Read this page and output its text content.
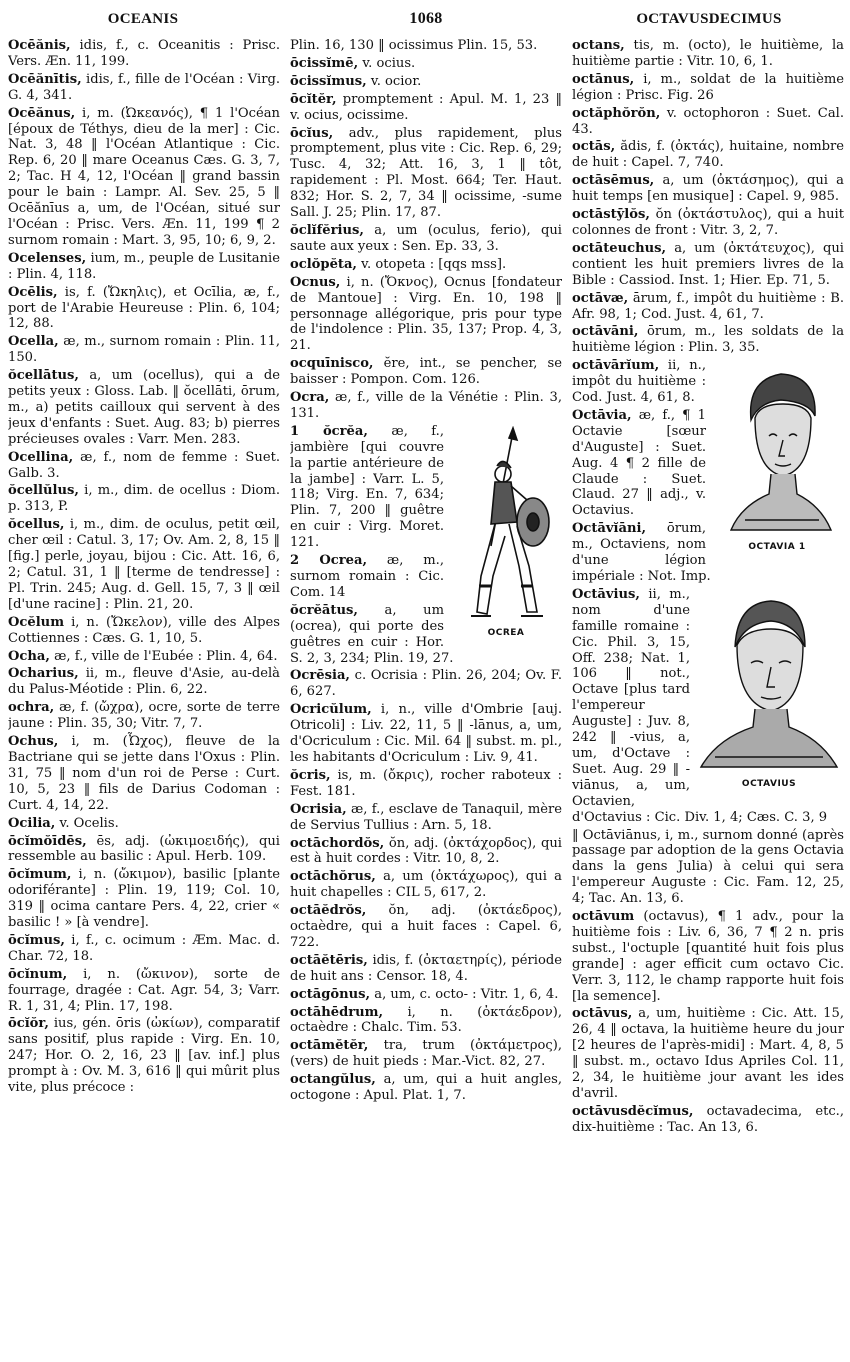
OCEANIS	1068	OCTAVUSDECIMUS

Ocēănis, idis, f., c. Oceanitis : Prisc. Vers. Æn. 11, 199.

Ocēănītis, idis, f., fille de l'Océan : Virg. G. 4, 341.

Ocēănus, i, m. (Ὠκεανός), ¶ 1 l'Océan [époux de Téthys, dieu de la mer] : Cic. Nat. 3, 48 ‖ l'Océan Atlantique : Cic. Rep. 6, 20 ‖ mare Oceanus Cæs. G. 3, 7, 2; Tac. H 4, 12, l'Océan ‖ grand bassin pour le bain : Lampr. Al. Sev. 25, 5 ‖ Ocēănīus a, um, de l'Océan, situé sur l'Océan : Prisc. Vers. Æn. 11, 199 ¶ 2 surnom romain : Mart. 3, 95, 10; 6, 9, 2.

Ocelenses, ium, m., peuple de Lusitanie : Plin. 4, 118.

Ocēlis, is, f. (Ὤκηλις), et Ocīlia, æ, f., port de l'Arabie Heureuse : Plin. 6, 104; 12, 88.

Ocella, æ, m., surnom romain : Plin. 11, 150.

ŏcellātus, a, um (ocellus), qui a de petits yeux : Gloss. Lab. ‖ ŏcellāti, ōrum, m., a) petits cailloux qui servent à des jeux d'enfants : Suet. Aug. 83; b) pierres précieuses ovales : Varr. Men. 283.

Ocellina, æ, f., nom de femme : Suet. Galb. 3.

ŏcellŭlus, i, m., dim. de ocellus : Diom. p. 313, P.

ŏcellus, i, m., dim. de oculus, petit œil, cher œil : Catul. 3, 17; Ov. Am. 2, 8, 15 ‖ [fig.] perle, joyau, bijou : Cic. Att. 16, 6, 2; Catul. 31, 1 ‖ [terme de tendresse] : Pl. Trin. 245; Aug. d. Gell. 15, 7, 3 ‖ œil [d'une racine] : Plin. 21, 20.

Ocĕlum i, n. (Ὤκελον), ville des Alpes Cottiennes : Cæs. G. 1, 10, 5.

Ocha, æ, f., ville de l'Eubée : Plin. 4, 64.

Ocharius, ii, m., fleuve d'Asie, au-delà du Palus-Méotide : Plin. 6, 22.

ochra, æ, f. (ὤχρα), ocre, sorte de terre jaune : Plin. 35, 30; Vitr. 7, 7.

Ochus, i, m. (Ὦχος), fleuve de la Bactriane qui se jette dans l'Oxus : Plin. 31, 75 ‖ nom d'un roi de Perse : Curt. 10, 5, 23 ‖ fils de Darius Codoman : Curt. 4, 14, 22.

Ocilia, v. Ocelis.

ōcĭmŏīdēs, ēs, adj. (ὠκιμοειδής), qui ressemble au basilic : Apul. Herb. 109.

ōcĭmum, i, n. (ὤκιμον), basilic [plante odoriférante] : Plin. 19, 119; Col. 10, 319 ‖ ocima cantare Pers. 4, 22, crier « basilic ! » [à vendre].

ōcĭmus, i, f., c. ocimum : Æm. Mac. d. Char. 72, 18.

ōcĭnum, i, n. (ὤκινον), sorte de fourrage, dragée : Cat. Agr. 54, 3; Varr. R. 1, 31, 4; Plin. 17, 198.

ōcĭŏr, ius, gén. ōris (ὠκίων), comparatif sans positif, plus rapide : Virg. En. 10, 247; Hor. O. 2, 16, 23 ‖ [av. inf.] plus prompt à : Ov. M. 3, 616 ‖ qui mûrit plus vite, plus précoce :

Plin. 16, 130 ‖ ocissimus Plin. 15, 53.

ōcissĭmē, v. ocius.

ōcissĭmus, v. ocior.

ōcĭtĕr, promptement : Apul. M. 1, 23 ‖ v. ocius, ocissime.

ōcĭus, adv., plus rapidement, plus promptement, plus vite : Cic. Rep. 6, 29; Tusc. 4, 32; Att. 16, 3, 1 ‖ tôt, rapidement : Pl. Most. 664; Ter. Haut. 832; Hor. S. 2, 7, 34 ‖ ocissime, -sume Sall. J. 25; Plin. 17, 87.

ŏclĭfĕrius, a, um (oculus, ferio), qui saute aux yeux : Sen. Ep. 33, 3.

oclŏpĕta, v. otopeta : [qqs mss].

Ocnus, i, n. (Ὄκνος), Ocnus [fondateur de Mantoue] : Virg. En. 10, 198 ‖ personnage allégorique, pris pour type de l'indolence : Plin. 35, 137; Prop. 4, 3, 21.

ocquīnisco, ĕre, int., se pencher, se baisser : Pompon. Com. 126.

Ocra, æ, f., ville de la Vénétie : Plin. 3, 131.

OCREA

1 ŏcrĕa, æ, f., jambière [qui couvre la partie antérieure de la jambe] : Varr. L. 5, 118; Virg. En. 7, 634; Plin. 7, 200 ‖ guêtre en cuir : Virg. Moret. 121.

2 Ocrea, æ, m., surnom romain : Cic. Com. 14

ŏcrĕātus, a, um (ocrea), qui porte des guêtres en cuir : Hor. S. 2, 3, 234; Plin. 19, 27.

Ocrēsia, c. Ocrisia : Plin. 26, 204; Ov. F. 6, 627.

Ocricŭlum, i, n., ville d'Ombrie [auj. Otricoli] : Liv. 22, 11, 5 ‖ -lānus, a, um, d'Ocriculum : Cic. Mil. 64 ‖ subst. m. pl., les habitants d'Ocriculum : Liv. 9, 41.

ŏcris, is, m. (ὄκρις), rocher raboteux : Fest. 181.

Ocrisia, æ, f., esclave de Tanaquil, mère de Servius Tullius : Arn. 5, 18.

octāchordŏs, ŏn, adj. (ὀκτάχορδος), qui est à huit cordes : Vitr. 10, 8, 2.

octāchŏrus, a, um (ὀκτάχωρος), qui a huit chapelles : CIL 5, 617, 2.

octāĕdrŏs, ŏn, adj. (ὀκτάεδρος), octaèdre, qui a huit faces : Capel. 6, 722.

octāĕtēris, idis, f. (ὀκταετηρίς), période de huit ans : Censor. 18, 4.

octāgōnus, a, um, c. octo- : Vitr. 1, 6, 4.

octāhēdrum, i, n. (ὀκτάεδρον), octaèdre : Chalc. Tim. 53.

octāmĕtĕr, tra, trum (ὀκτάμετρος), (vers) de huit pieds : Mar.-Vict. 82, 27.

octangŭlus, a, um, qui a huit angles, octogone : Apul. Plat. 1, 7.

octans, tis, m. (octo), le huitième, la huitième partie : Vitr. 10, 6, 1.

octānus, i, m., soldat de la huitième légion : Prisc. Fig. 26

octăphŏrŏn, v. octophoron : Suet. Cal. 43.

octās, ădis, f. (ὀκτάς), huitaine, nombre de huit : Capel. 7, 740.

octāsēmus, a, um (ὀκτάσημος), qui a huit temps [en musique] : Capel. 9, 985.

octāstȳlŏs, ŏn (ὀκτάστυλος), qui a huit colonnes de front : Vitr. 3, 2, 7.

octāteuchus, a, um (ὀκτάτευχος), qui contient les huit premiers livres de la Bible : Cassiod. Inst. 1; Hier. Ep. 71, 5.

octāvæ, ārum, f., impôt du huitième : B. Afr. 98, 1; Cod. Just. 4, 61, 7.

octāvāni, ōrum, m., les soldats de la huitième légion : Plin. 3, 35.

OCTAVIA 1

octāvārĭum, ii, n., impôt du huitième : Cod. Just. 4, 61, 8.

Octāvia, æ, f., ¶ 1 Octavie [sœur d'Auguste] : Suet. Aug. 4 ¶ 2 fille de Claude : Suet. Claud. 27 ‖ adj., v. Octavius.

Octāvĭāni, ōrum, m., Octaviens, nom d'une légion impériale : Not. Imp.

OCTAVIUS

Octāvius, ii, m., nom d'une famille romaine : Cic. Phil. 3, 15, Off. 238; Nat. 1, 106 ‖ not., Octave [plus tard l'empereur Auguste] : Juv. 8, 242 ‖ -vius, a, um, d'Octave : Suet. Aug. 29 ‖ -viānus, a, um, Octavien, d'Octavius : Cic. Div. 1, 4; Cæs. C. 3, 9

‖ Octāviānus, i, m., surnom donné (après passage par adoption de la gens Octavia dans la gens Julia) à celui qui sera l'empereur Auguste : Cic. Fam. 12, 25, 4; Tac. An. 13, 6.

octāvum (octavus), ¶ 1 adv., pour la huitième fois : Liv. 6, 36, 7 ¶ 2 n. pris subst., l'octuple [quantité huit fois plus grande] : ager efficit cum octavo Cic. Verr. 3, 112, le champ rapporte huit fois [la semence].

octāvus, a, um, huitième : Cic. Att. 15, 26, 4 ‖ octava, la huitième heure du jour [2 heures de l'après-midi] : Mart. 4, 8, 5 ‖ subst. m., octavo Idus Apriles Col. 11, 2, 34, le huitième jour avant les ides d'avril.

octāvusdĕcĭmus, octavadecima, etc., dix-huitième : Tac. An 13, 6.
